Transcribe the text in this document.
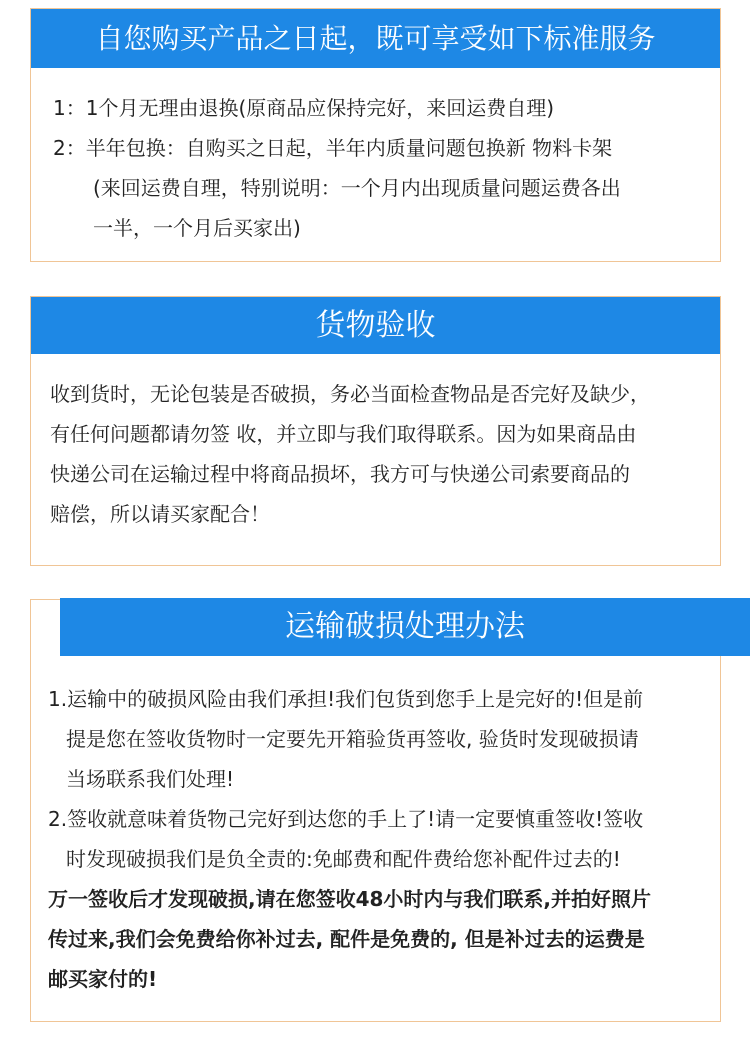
自您购买产品之日起，既可享受如下标准服务
1：1个月无理由退换(原商品应保持完好，来回运费自理)
2：半年包换：自购买之日起，半年内质量问题包换新 物料卡架
(来回运费自理，特别说明：一个月内出现质量问题运费各出
一半，一个月后买家出)
货物验收
收到货时，无论包装是否破损，务必当面检查物品是否完好及缺少，
有任何问题都请勿签 收，并立即与我们取得联系。因为如果商品由
快递公司在运输过程中将商品损坏，我方可与快递公司索要商品的
赔偿，所以请买家配合！
1.运输中的破损风险由我们承担!我们包货到您手上是完好的!但是前
提是您在签收货物时一定要先开箱验货再签收, 验货时发现破损请
当场联系我们处理!
2.签收就意味着货物己完好到达您的手上了!请一定要慎重签收!签收
时发现破损我们是负全责的:免邮费和配件费给您补配件过去的!
万一签收后才发现破损,请在您签收48小时内与我们联系,并拍好照片
传过来,我们会免费给你补过去, 配件是免费的, 但是补过去的运费是
邮买家付的!
运输破损处理办法
